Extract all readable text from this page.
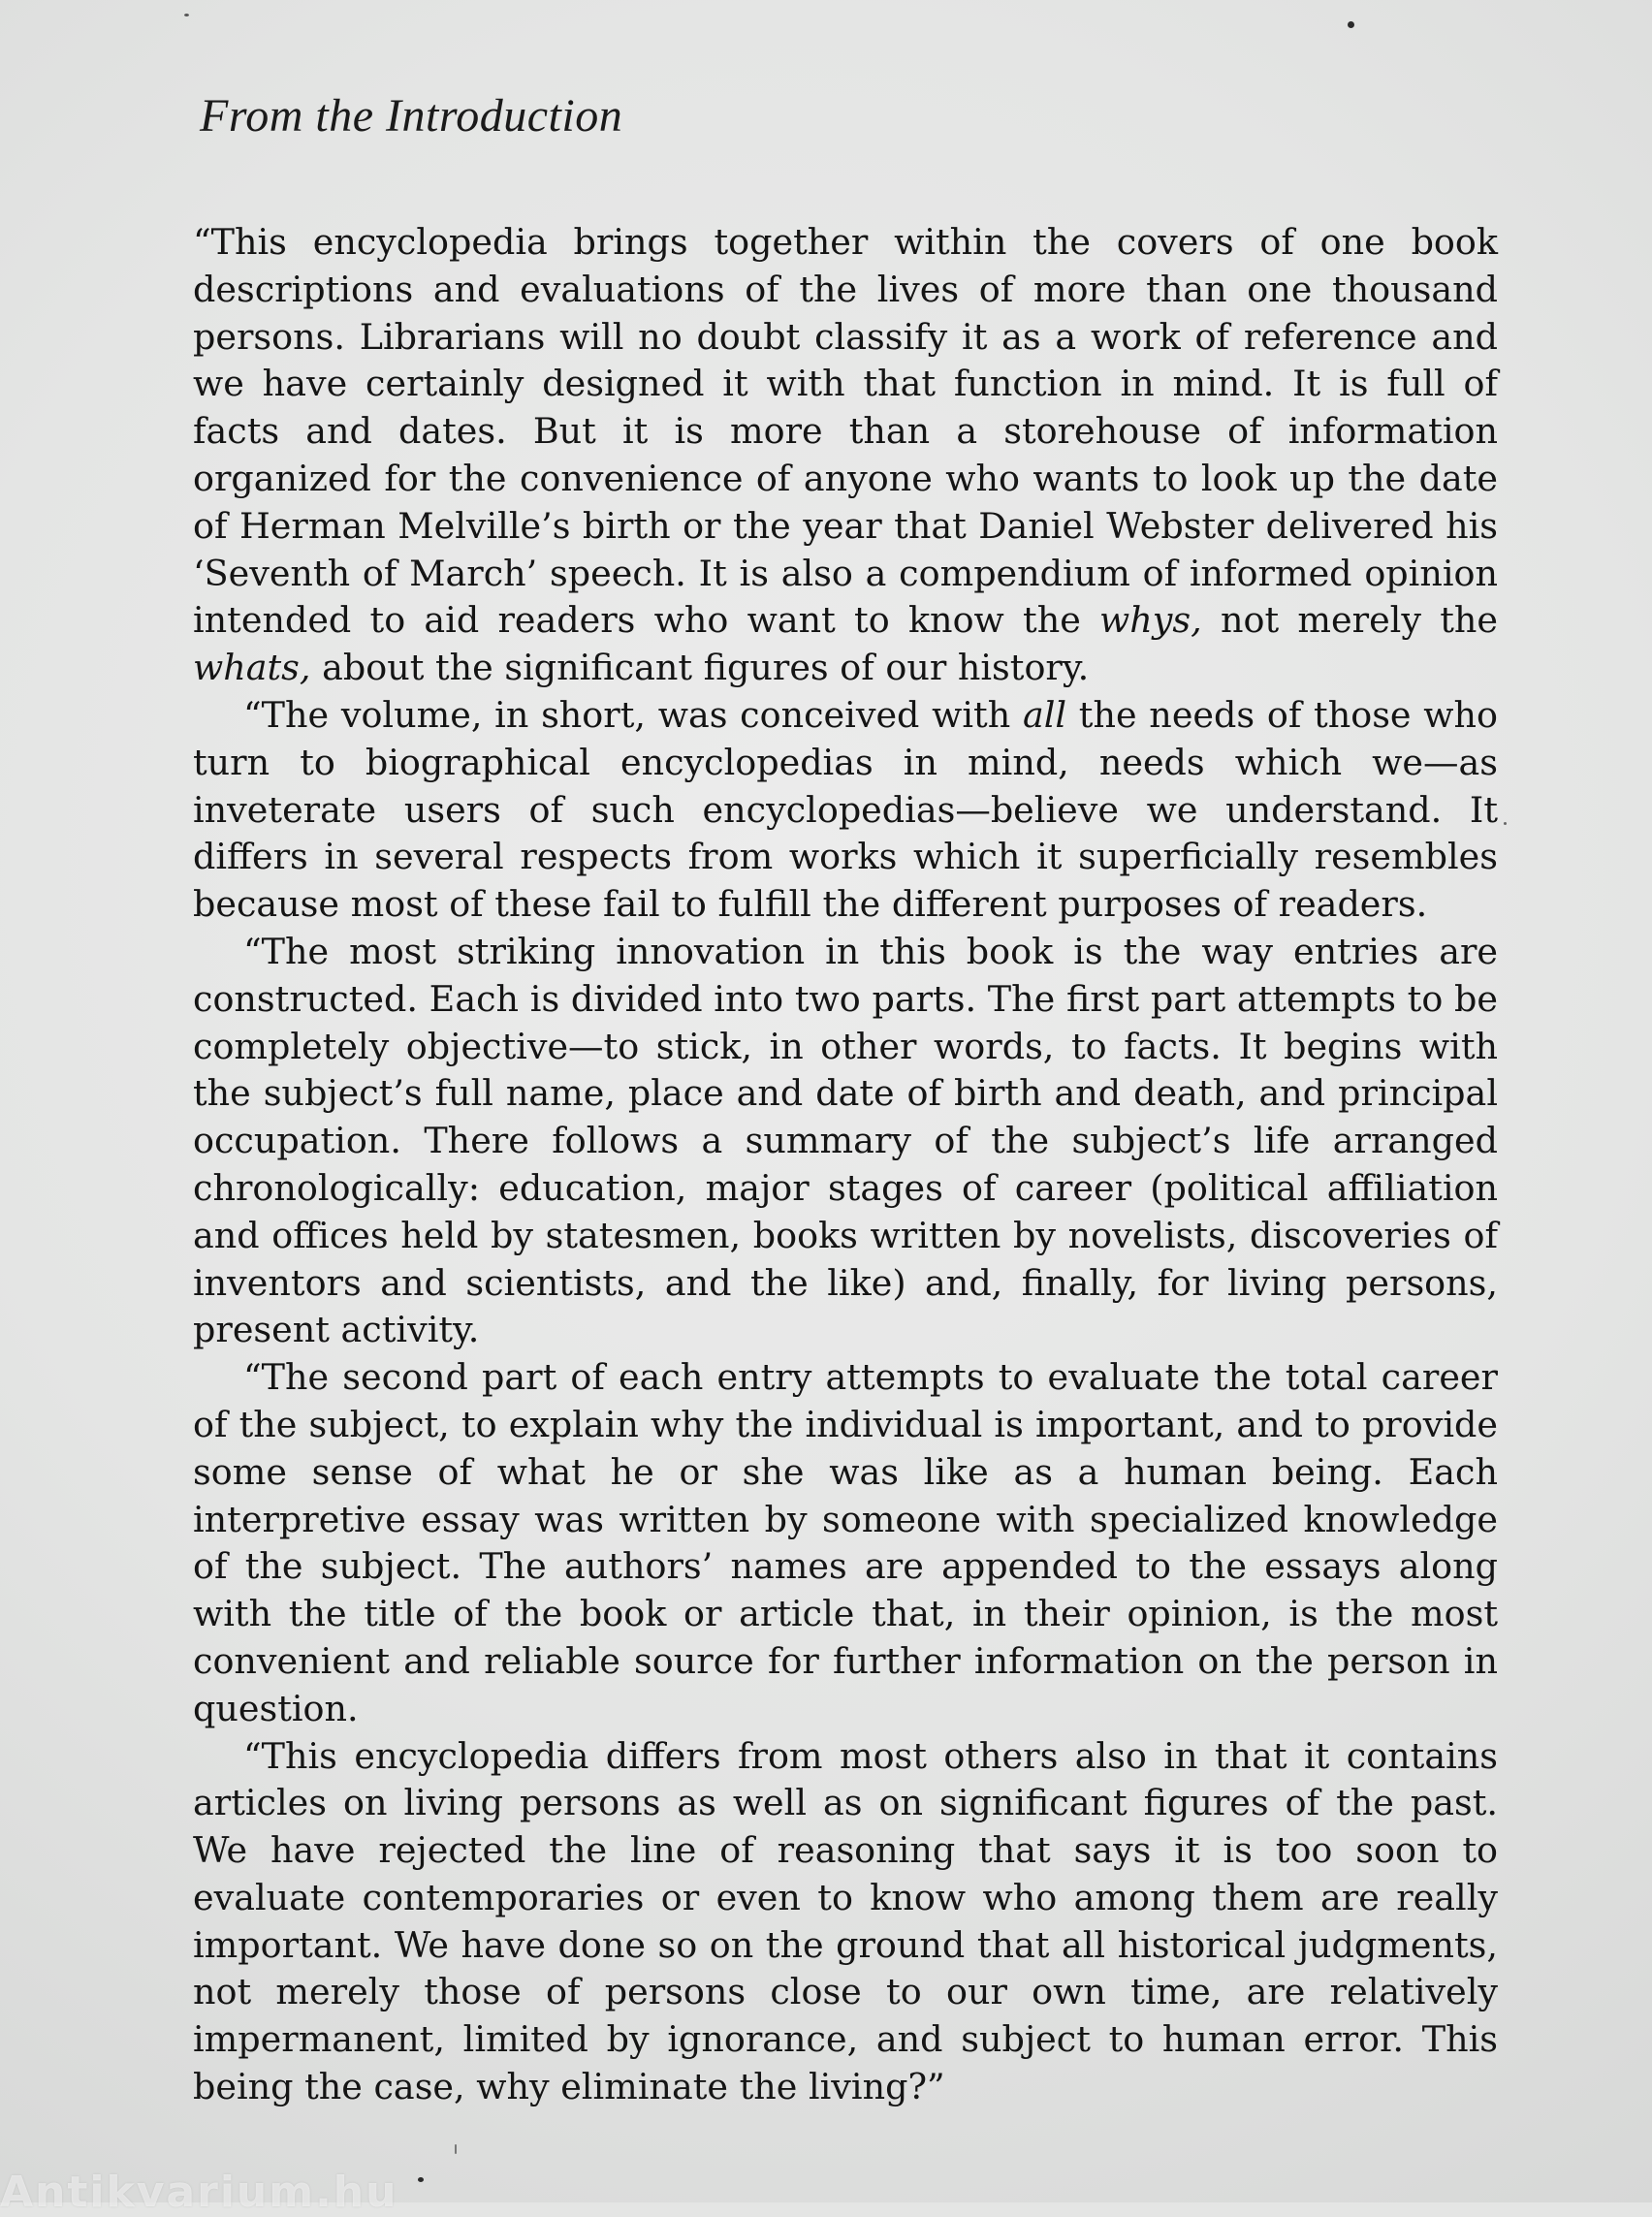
From the Introduction

“This encyclopedia brings together within the covers of one book descriptions and evaluations of the lives of more than one thousand persons. Librarians will no doubt classify it as a work of reference and we have certainly designed it with that function in mind. It is full of facts and dates. But it is more than a storehouse of information organized for the convenience of anyone who wants to look up the date of Herman Melville’s birth or the year that Daniel Webster delivered his ‘Seventh of March’ speech. It is also a compendium of informed opinion intended to aid readers who want to know the whys, not merely the whats, about the significant figures of our history.

“The volume, in short, was conceived with all the needs of those who turn to biographical encyclopedias in mind, needs which we—as inveterate users of such encyclopedias—believe we understand. It differs in several respects from works which it superficially resembles because most of these fail to fulfill the different purposes of readers.

“The most striking innovation in this book is the way entries are constructed. Each is divided into two parts. The first part attempts to be completely objective—to stick, in other words, to facts. It begins with the subject’s full name, place and date of birth and death, and principal occupation. There follows a summary of the subject’s life arranged chronologically: education, major stages of career (political affiliation and offices held by statesmen, books written by novelists, discoveries of inventors and scientists, and the like) and, finally, for living persons, present activity.

“The second part of each entry attempts to evaluate the total career of the subject, to explain why the individual is important, and to provide some sense of what he or she was like as a human being. Each interpretive essay was written by someone with specialized knowledge of the subject. The authors’ names are appended to the essays along with the title of the book or article that, in their opinion, is the most convenient and reliable source for further information on the person in question.

“This encyclopedia differs from most others also in that it contains articles on living persons as well as on significant figures of the past. We have rejected the line of reasoning that says it is too soon to evaluate contemporaries or even to know who among them are really important. We have done so on the ground that all historical judgments, not merely those of persons close to our own time, are relatively impermanent, limited by ignorance, and subject to human error. This being the case, why eliminate the living?”

Antikvarium.hu
